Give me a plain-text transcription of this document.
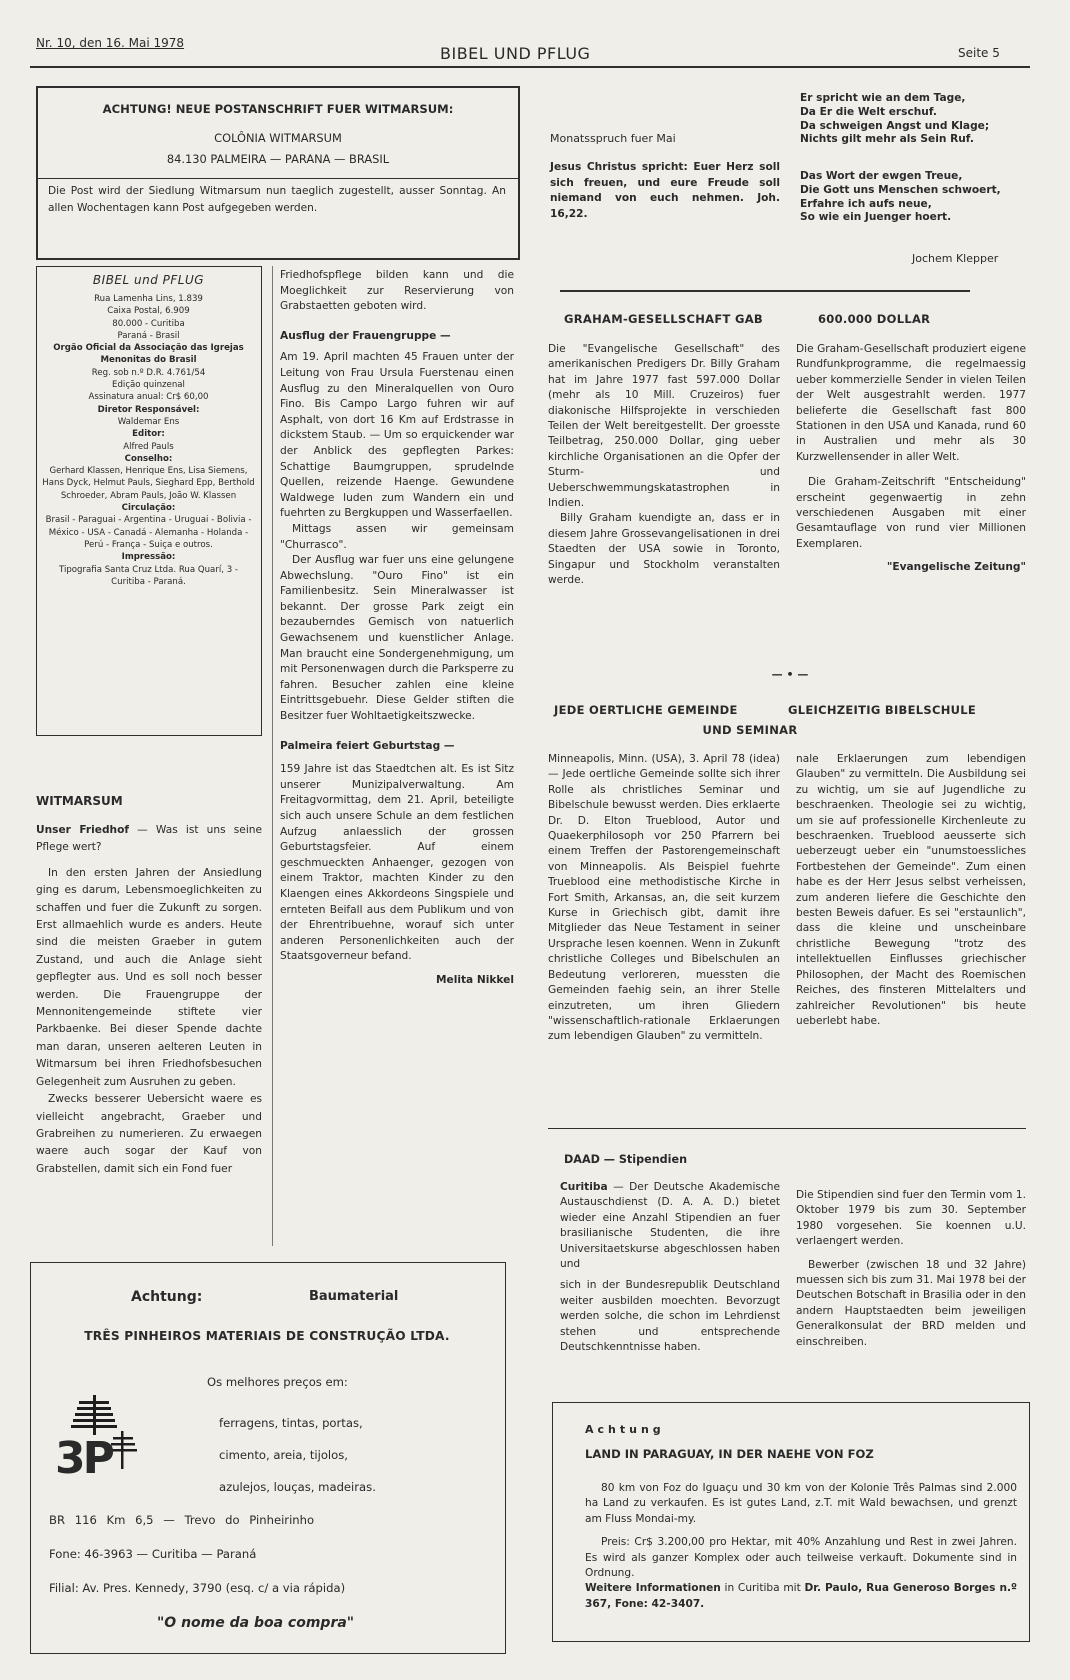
Nr. 10, den 16. Mai 1978
BIBEL UND PFLUG	Seite 5
ACHTUNG! NEUE POSTANSCHRIFT FUER WITMARSUM:
COLÔNIA WITMARSUM
84.130 PALMEIRA — PARANA — BRASIL
Die Post wird der Siedlung Witmarsum nun taeglich zugestellt, ausser Sonntag. An allen Wochentagen kann Post aufgegeben werden.
Monatsspruch fuer Mai
Jesus Christus spricht: Euer Herz soll sich freuen, und eure Freude soll niemand von euch nehmen. Joh. 16,22.
Er spricht wie an dem Tage,
Da Er die Welt erschuf.
Da schweigen Angst und Klage;
Nichts gilt mehr als Sein Ruf.
Das Wort der ewgen Treue,
Die Gott uns Menschen schwoert,
Erfahre ich aufs neue,
So wie ein Juenger hoert.
Jochem Klepper
BIBEL und PFLUG
Rua Lamenha Lins, 1.839
Caixa Postal, 6.909
80.000 - Curitiba
Paraná - Brasil
Orgão Oficial da Associação das Igrejas Menonitas do Brasil
Reg. sob n.º D.R. 4.761/54
Edição quinzenal
Assinatura anual: Cr$ 60,00
Diretor Responsável:
Waldemar Ens
Editor:
Alfred Pauls
Conselho:
Gerhard Klassen, Henrique Ens, Lisa Siemens, Hans Dyck, Helmut Pauls, Sieghard Epp, Berthold Schroeder, Abram Pauls, João W. Klassen
Circulação:
Brasil - Paraguai - Argentina - Uruguai - Bolivia - México - USA - Canadá - Alemanha - Holanda - Perú - França - Suiça e outros.
Impressão:
Tipografia Santa Cruz Ltda. Rua Quarí, 3 - Curitiba - Paraná.
WITMARSUM

Unser Friedhof — Was ist uns seine Pflege wert?

In den ersten Jahren der Ansiedlung ging es darum, Lebensmoeglichkeiten zu schaffen und fuer die Zukunft zu sorgen. Erst allmaehlich wurde es anders. Heute sind die meisten Graeber in gutem Zustand, und auch die Anlage sieht gepflegter aus. Und es soll noch besser werden. Die Frauengruppe der Mennonitengemeinde stiftete vier Parkbaenke. Bei dieser Spende dachte man daran, unseren aelteren Leuten in Witmarsum bei ihren Friedhofsbesuchen Gelegenheit zum Ausruhen zu geben.

Zwecks besserer Uebersicht waere es vielleicht angebracht, Graeber und Grabreihen zu numerieren. Zu erwaegen waere auch sogar der Kauf von Grabstellen, damit sich ein Fond fuer

Friedhofspflege bilden kann und die Moeglichkeit zur Reservierung von Grabstaetten geboten wird.

Ausflug der Frauengruppe —

Am 19. April machten 45 Frauen unter der Leitung von Frau Ursula Fuerstenau einen Ausflug zu den Mineralquellen von Ouro Fino. Bis Campo Largo fuhren wir auf Asphalt, von dort 16 Km auf Erdstrasse in dickstem Staub. — Um so erquickender war der Anblick des gepflegten Parkes: Schattige Baumgruppen, sprudelnde Quellen, reizende Haenge. Gewundene Waldwege luden zum Wandern ein und fuehrten zu Bergkuppen und Wasserfaellen.

Mittags assen wir gemeinsam "Churrasco".

Der Ausflug war fuer uns eine gelungene Abwechslung. "Ouro Fino" ist ein Familienbesitz. Sein Mineralwasser ist bekannt. Der grosse Park zeigt ein bezauberndes Gemisch von natuerlich Gewachsenem und kuenstlicher Anlage. Man braucht eine Sondergenehmigung, um mit Personenwagen durch die Parksperre zu fahren. Besucher zahlen eine kleine Eintrittsgebuehr. Diese Gelder stiften die Besitzer fuer Wohltaetigkeitszwecke.

Palmeira feiert Geburtstag —

159 Jahre ist das Staedtchen alt. Es ist Sitz unserer Munizipalverwaltung. Am Freitagvormittag, dem 21. April, beteiligte sich auch unsere Schule an dem festlichen Aufzug anlaesslich der grossen Geburtstagsfeier. Auf einem geschmueckten Anhaenger, gezogen von einem Traktor, machten Kinder zu den Klaengen eines Akkordeons Singspiele und ernteten Beifall aus dem Publikum und von der Ehrentribuehne, worauf sich unter anderen Personenlichkeiten auch der Staatsgoverneur befand.

Melita Nikkel

GRAHAM-GESELLSCHAFT GAB	600.000 DOLLAR

Die "Evangelische Gesellschaft" des amerikanischen Predigers Dr. Billy Graham hat im Jahre 1977 fast 597.000 Dollar (mehr als 10 Mill. Cruzeiros) fuer diakonische Hilfsprojekte in verschieden Teilen der Welt bereitgestellt. Der groesste Teilbetrag, 250.000 Dollar, ging ueber kirchliche Organisationen an die Opfer der Sturm- und Ueberschwemmungskatastrophen in Indien.

Billy Graham kuendigte an, dass er in diesem Jahre Grossevangelisationen in drei Staedten der USA sowie in Toronto, Singapur und Stockholm veranstalten werde.

Die Graham-Gesellschaft produziert eigene Rundfunkprogramme, die regelmaessig ueber kommerzielle Sender in vielen Teilen der Welt ausgestrahlt werden. 1977 belieferte die Gesellschaft fast 800 Stationen in den USA und Kanada, rund 60 in Australien und mehr als 30 Kurzwellensender in aller Welt.

Die Graham-Zeitschrift "Entscheidung" erscheint gegenwaertig in zehn verschiedenen Ausgaben mit einer Gesamtauflage von rund vier Millionen Exemplaren.

"Evangelische Zeitung"

— • —
JEDE OERTLICHE GEMEINDE	GLEICHZEITIG BIBELSCHULE
UND SEMINAR
Minneapolis, Minn. (USA), 3. April 78 (idea) — Jede oertliche Gemeinde sollte sich ihrer Rolle als christliches Seminar und Bibelschule bewusst werden. Dies erklaerte Dr. D. Elton Trueblood, Autor und Quaekerphilosoph vor 250 Pfarrern bei einem Treffen der Pastorengemeinschaft von Minneapolis. Als Beispiel fuehrte Trueblood eine methodistische Kirche in Fort Smith, Arkansas, an, die seit kurzem Kurse in Griechisch gibt, damit ihre Mitglieder das Neue Testament in seiner Ursprache lesen koennen. Wenn in Zukunft christliche Colleges und Bibelschulen an Bedeutung verloreren, muessten die Gemeinden faehig sein, an ihrer Stelle einzutreten, um ihren Gliedern "wissenschaftlich-rationale Erklaerungen zum lebendigen Glauben" zu vermitteln.
nale Erklaerungen zum lebendigen Glauben" zu vermitteln. Die Ausbildung sei zu wichtig, um sie auf Jugendliche zu beschraenken. Theologie sei zu wichtig, um sie auf professionelle Kirchenleute zu beschraenken. Trueblood aeusserte sich ueberzeugt ueber ein "unumstoessliches Fortbestehen der Gemeinde". Zum einen habe es der Herr Jesus selbst verheissen, zum anderen liefere die Geschichte den besten Beweis dafuer. Es sei "erstaunlich", dass die kleine und unscheinbare christliche Bewegung "trotz des intellektuellen Einflusses griechischer Philosophen, der Macht des Roemischen Reiches, des finsteren Mittelalters und zahlreicher Revolutionen" bis heute ueberlebt habe.
DAAD — Stipendien

Curitiba — Der Deutsche Akademische Austauschdienst (D. A. A. D.) bietet wieder eine Anzahl Stipendien an fuer brasilianische Studenten, die ihre Universitaetskurse abgeschlossen haben und

sich in der Bundesrepublik Deutschland weiter ausbilden moechten. Bevorzugt werden solche, die schon im Lehrdienst stehen und entsprechende Deutschkenntnisse haben.

Die Stipendien sind fuer den Termin vom 1. Oktober 1979 bis zum 30. September 1980 vorgesehen. Sie koennen u.U. verlaengert werden.

Bewerber (zwischen 18 und 32 Jahre) muessen sich bis zum 31. Mai 1978 bei der Deutschen Botschaft in Brasilia oder in den andern Hauptstaedten beim jeweiligen Generalkonsulat der BRD melden und einschreiben.

Achtung:	Baumaterial
TRÊS PINHEIROS MATERIAIS DE CONSTRUÇÃO LTDA.
Os melhores preços em:
ferragens, tintas, portas,
cimento, areia, tijolos,
azulejos, louças, madeiras.
3P
BR 116 Km 6,5 — Trevo do Pinheirinho
Fone: 46-3963 — Curitiba — Paraná
Filial: Av. Pres. Kennedy, 3790 (esq. c/ a via rápida)
"O nome da boa compra"
Achtung
LAND IN PARAGUAY, IN DER NAEHE VON FOZ

80 km von Foz do Iguaçu und 30 km von der Kolonie Três Palmas sind 2.000 ha Land zu verkaufen. Es ist gutes Land, z.T. mit Wald bewachsen, und grenzt am Fluss Mondai-my.

Preis: Cr$ 3.200,00 pro Hektar, mit 40% Anzahlung und Rest in zwei Jahren. Es wird als ganzer Komplex oder auch teilweise verkauft. Dokumente sind in Ordnung.

Weitere Informationen in Curitiba mit Dr. Paulo, Rua Generoso Borges n.º 367, Fone: 42-3407.
